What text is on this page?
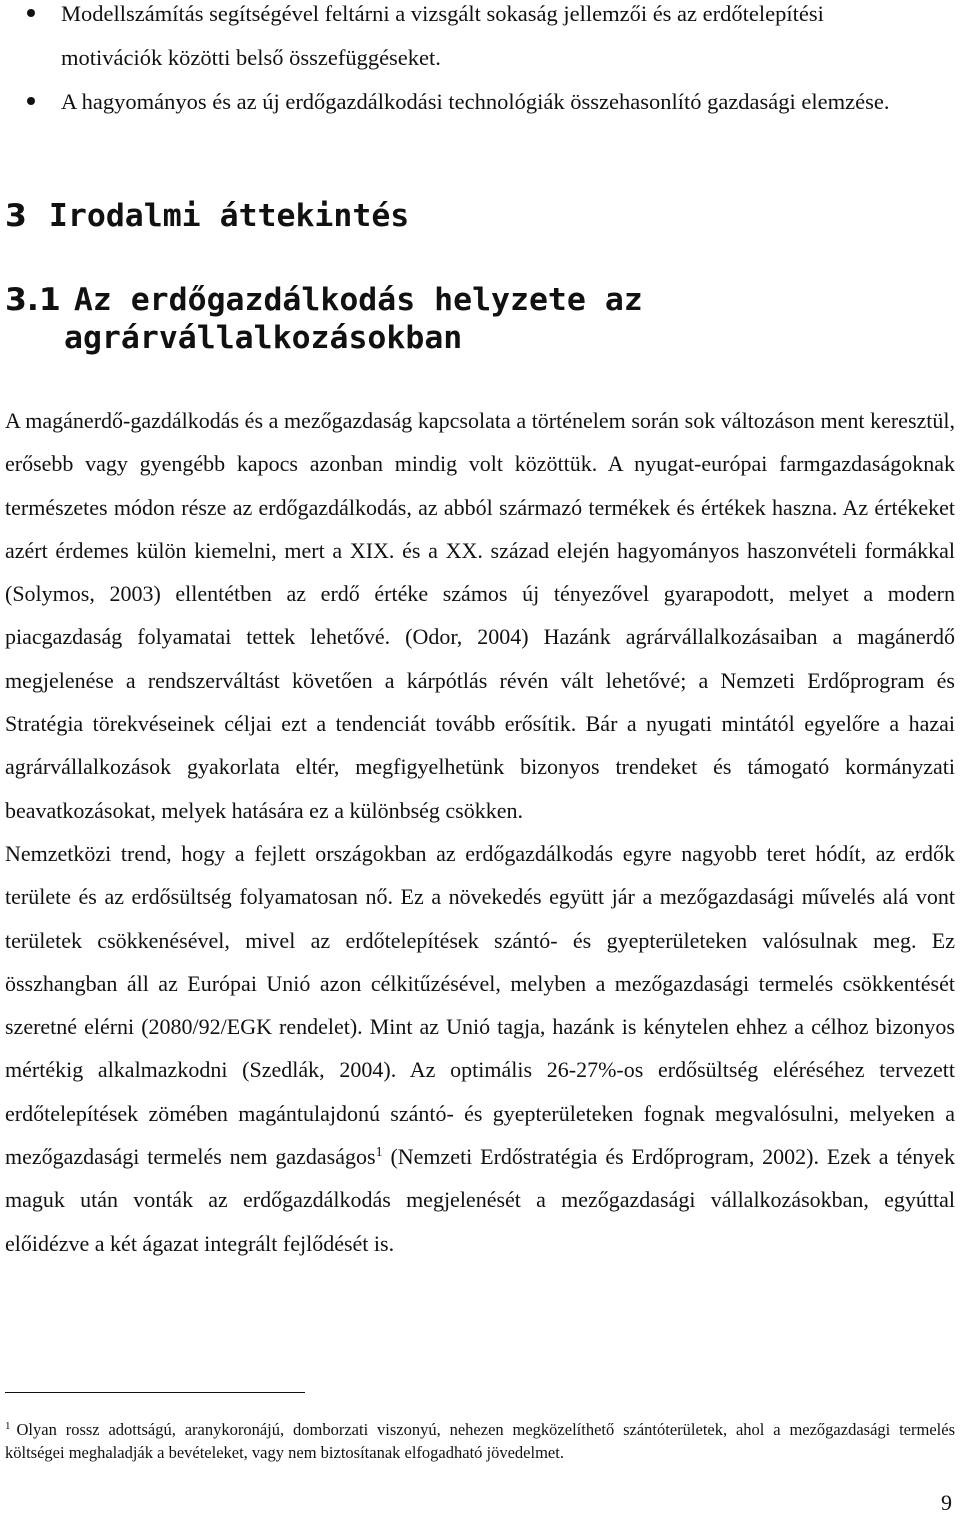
Modellszámítás segítségével feltárni a vizsgált sokaság jellemzői és az erdőtelepítési motivációk közötti belső összefüggéseket.
A hagyományos és az új erdőgazdálkodási technológiák összehasonlító gazdasági elemzése.
3 Irodalmi áttekintés
3.1 Az erdőgazdálkodás helyzete az
agrárvállalkozásokban

A magánerdő-gazdálkodás és a mezőgazdaság kapcsolata a történelem során sok változáson ment keresztül, erősebb vagy gyengébb kapocs azonban mindig volt közöttük. A nyugat-európai farmgazdaságoknak természetes módon része az erdőgazdálkodás, az abból származó termékek és értékek haszna. Az értékeket azért érdemes külön kiemelni, mert a XIX. és a XX. század elején hagyományos haszonvételi formákkal (Solymos, 2003) ellentétben az erdő értéke számos új tényezővel gyarapodott, melyet a modern piacgazdaság folyamatai tettek lehetővé. (Odor, 2004) Hazánk agrárvállalkozásaiban a magánerdő megjelenése a rendszerváltást követően a kárpótlás révén vált lehetővé; a Nemzeti Erdőprogram és Stratégia törekvéseinek céljai ezt a tendenciát tovább erősítik. Bár a nyugati mintától egyelőre a hazai agrárvállalkozások gyakorlata eltér, megfigyelhetünk bizonyos trendeket és támogató kormányzati beavatkozásokat, melyek hatására ez a különbség csökken.

Nemzetközi trend, hogy a fejlett országokban az erdőgazdálkodás egyre nagyobb teret hódít, az erdők területe és az erdősültség folyamatosan nő. Ez a növekedés együtt jár a mezőgazdasági művelés alá vont területek csökkenésével, mivel az erdőtelepítések szántó- és gyepterületeken valósulnak meg. Ez összhangban áll az Európai Unió azon célkitűzésével, melyben a mezőgazdasági termelés csökkentését szeretné elérni (2080/92/EGK rendelet). Mint az Unió tagja, hazánk is kénytelen ehhez a célhoz bizonyos mértékig alkalmazkodni (Szedlák, 2004). Az optimális 26-27%-os erdősültség eléréséhez tervezett erdőtelepítések zömében magántulajdonú szántó- és gyepterületeken fognak megvalósulni, melyeken a mezőgazdasági termelés nem gazdaságos$^1$ (Nemzeti Erdőstratégia és Erdőprogram, 2002). Ezek a tények maguk után vonták az erdőgazdálkodás megjelenését a mezőgazdasági vállalkozásokban, egyúttal előidézve a két ágazat integrált fejlődését is.

$^1$ Olyan rossz adottságú, aranykoronájú, domborzati viszonyú, nehezen megközelíthető szántóterületek, ahol a mezőgazdasági termelés költségei meghaladják a bevételeket, vagy nem biztosítanak elfogadható jövedelmet.

9
